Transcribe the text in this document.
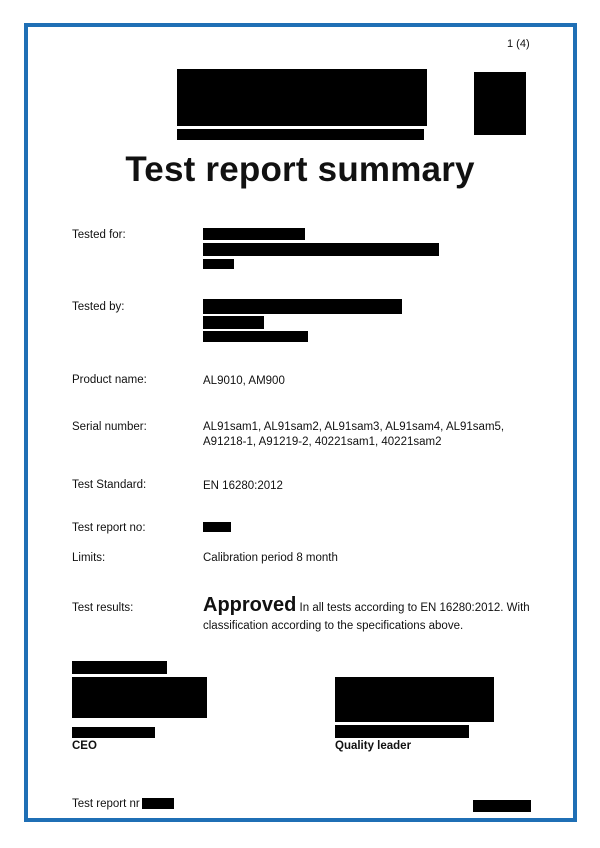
1 (4)
Test report summary
Tested for:
Tested by:
Product name:	AL9010, AM900
Serial number:	AL91sam1, AL91sam2, AL91sam3, AL91sam4, AL91sam5,
A91218-1, A91219-2, 40221sam1, 40221sam2
Test Standard:	EN 16280:2012
Test report no:
Limits:	Calibration period 8 month
Test results:	Approved In all tests according to EN 16280:2012. With
classification according to the specifications above.
CEO	Quality leader
Test report nr
